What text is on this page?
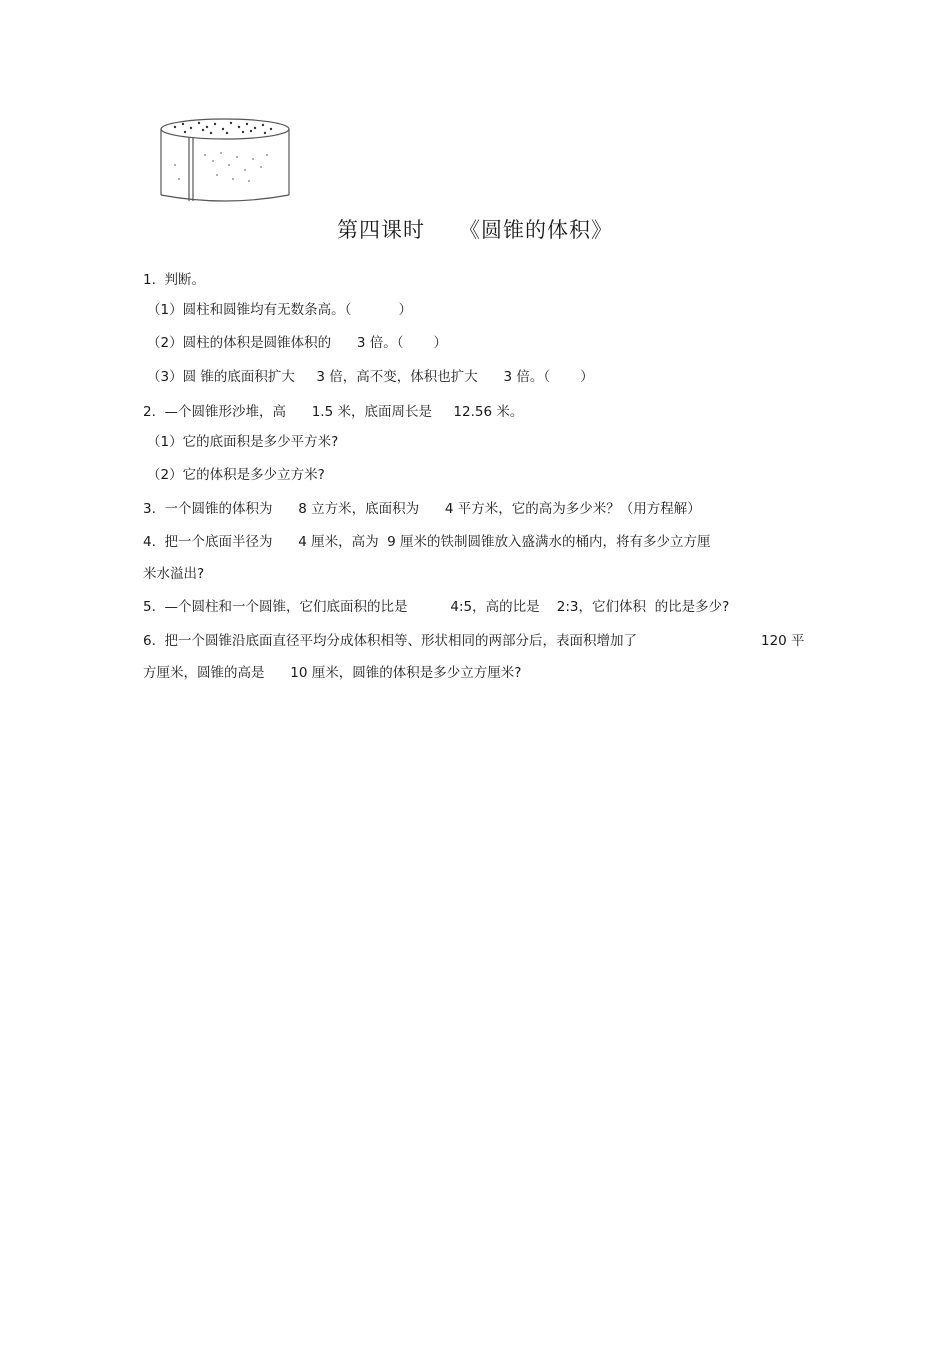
第四课时 《圆锥的体积》
1.  判断。
（1）圆柱和圆锥均有无数条高。（           ）
（2）圆柱的体积是圆锥体积的      3 倍。（       ）
（3）圆 锥的底面积扩大     3 倍，高不变，体积也扩大      3 倍。（       ）
2.  —个圆锥形沙堆，高      1.5 米，底面周长是     12.56 米。
（1）它的底面积是多少平方米?
（2）它的体积是多少立方米?
3.  一个圆锥的体积为      8 立方米，底面积为      4 平方米，它的高为多少米？（用方程解）
4.  把一个底面半径为      4 厘米，高为  9 厘米的铁制圆锥放入盛满水的桶内，将有多少立方厘
米水溢出?
5.  —个圆柱和一个圆锥，它们底面积的比是          4:5，高的比是    2:3，它们体积  的比是多少?
6.  把一个圆锥沿底面直径平均分成体积相等、形状相同的两部分后，表面积增加了	120 平
方厘米，圆锥的高是      10 厘米，圆锥的体积是多少立方厘米?
